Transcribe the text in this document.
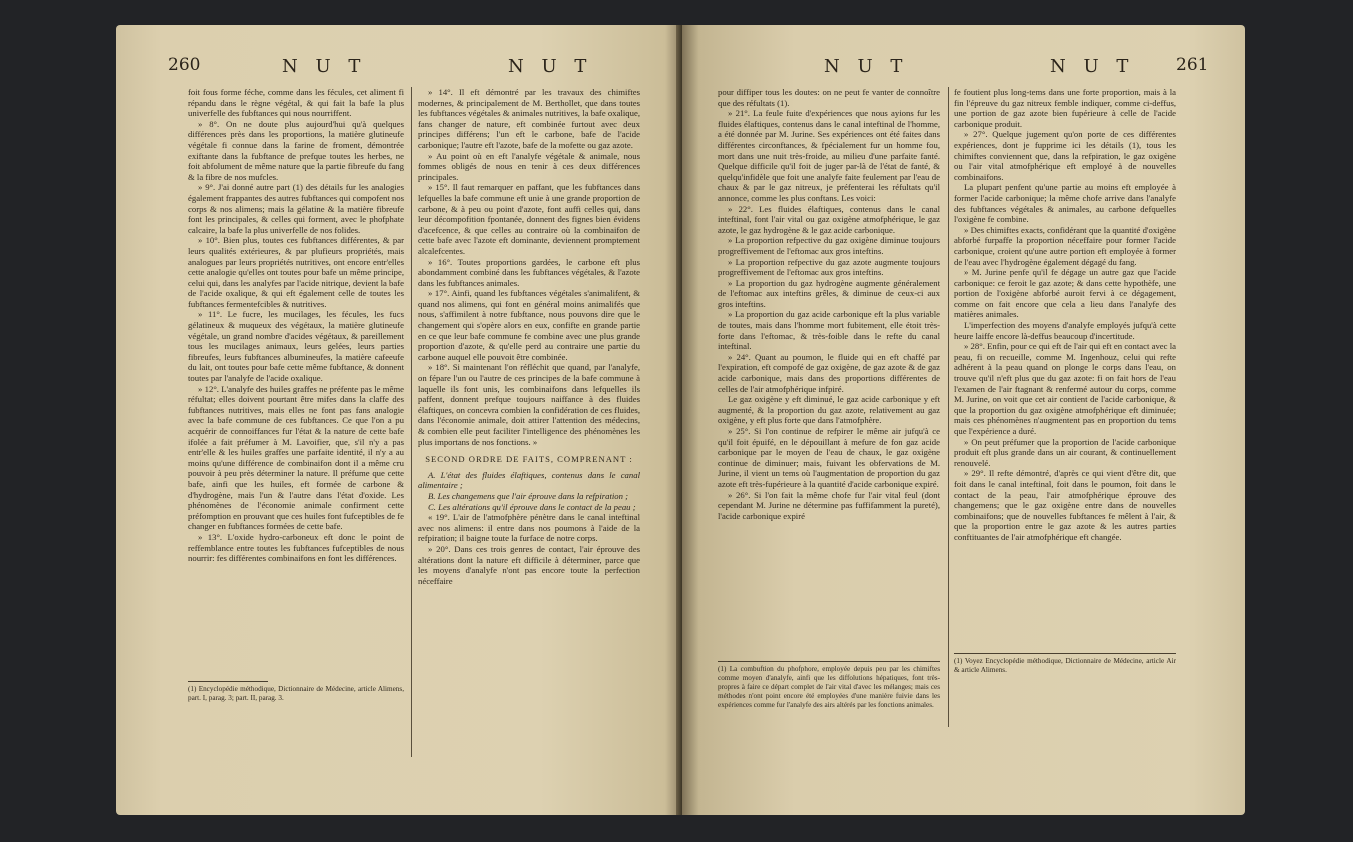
260	N U T	N U T

foit fous forme féche, comme dans les fécules, cet aliment fi répandu dans le règne végétal, & qui fait la bafe la plus univerfelle des fubftances qui nous nourriffent.

» 8°. On ne doute plus aujourd'hui qu'à quelques différences près dans les proportions, la matière glutineufe végétale fi connue dans la farine de froment, démontrée exiftante dans la fubftance de prefque toutes les herbes, ne foit abfolument de même nature que la partie fibreufe du fang & la fibre de nos mufcles.

» 9°. J'ai donné autre part (1) des détails fur les analogies également frappantes des autres fubftances qui compofent nos corps & nos alimens; mais la gélatine & la matière fibreufe font les principales, & celles qui forment, avec le phofphate calcaire, la bafe la plus univerfelle de nos folides.

» 10°. Bien plus, toutes ces fubftances différentes, & par leurs qualités extérieures, & par plufieurs propriétés, mais analogues par leurs propriétés nutritives, ont encore entr'elles cette analogie qu'elles ont toutes pour bafe un même principe, celui qui, dans les analyfes par l'acide nitrique, devient la bafe de l'acide oxalique, & qui eft également celle de toutes les fubftances fermentefcibles & nutritives.

» 11°. Le fucre, les mucilages, les fécules, les fucs gélatineux & muqueux des végétaux, la matière glutineufe végétale, un grand nombre d'acides végétaux, & pareillement tous les mucilages animaux, leurs gelées, leurs parties fibreufes, leurs fubftances albumineufes, la matière cafeeufe du lait, ont toutes pour bafe cette même fubftance, & donnent toutes par l'analyfe de l'acide oxalique.

» 12°. L'analyfe des huiles graffes ne préfente pas le même réfultat; elles doivent pourtant être mifes dans la claffe des fubftances nutritives, mais elles ne font pas fans analogie avec la bafe commune de ces fubftances. Ce que l'on a pu acquérir de connoiffances fur l'état & la nature de cette bafe ifolée a fait préfumer à M. Lavoifier, que, s'il n'y a pas entr'elle & les huiles graffes une parfaite identité, il n'y a au moins qu'une différence de combinaifon dont il a même cru pouvoir à peu près déterminer la nature. Il préfume que cette bafe, ainfi que les huiles, eft formée de carbone & d'hydrogène, mais l'un & l'autre dans l'état d'oxide. Les phénomènes de l'économie animale confirment cette préfomption en prouvant que ces huiles font fufceptibles de fe changer en fubftances formées de cette bafe.

» 13°. L'oxide hydro-carboneux eft donc le point de reffemblance entre toutes les fubftances fufceptibles de nous nourrir: fes différentes combinaifons en font les différences.

(1) Encyclopédie méthodique, Dictionnaire de Médecine, article Alimens, part. I, parag. 3; part. II, parag. 3.

» 14°. Il eft démontré par les travaux des chimiftes modernes, & principalement de M. Berthollet, que dans toutes les fubftances végétales & animales nutritives, la bafe oxalique, fans changer de nature, eft combinée furtout avec deux principes différens; l'un eft le carbone, bafe de l'acide carbonique; l'autre eft l'azote, bafe de la mofette ou gaz azote.

» Au point où en eft l'analyfe végétale & animale, nous fommes obligés de nous en tenir à ces deux différences principales.

» 15°. Il faut remarquer en paffant, que les fubftances dans lefquelles la bafe commune eft unie à une grande proportion de carbone, & à peu ou point d'azote, font auffi celles qui, dans leur décompofition fpontanée, donnent des fignes bien évidens d'acefcence, & que celles au contraire où la combinaifon de cette bafe avec l'azote eft dominante, deviennent promptement alcalefcentes.

» 16°. Toutes proportions gardées, le carbone eft plus abondamment combiné dans les fubftances végétales, & l'azote dans les fubftances animales.

» 17°. Ainfi, quand les fubftances végétales s'animalifent, & quand nos alimens, qui font en général moins animalifés que nous, s'affimilent à notre fubftance, nous pouvons dire que le changement qui s'opère alors en eux, confifte en grande partie en ce que leur bafe commune fe combine avec une plus grande proportion d'azote, & qu'elle perd au contraire une partie du carbone auquel elle pouvoit être combinée.

» 18°. Si maintenant l'on réfléchit que quand, par l'analyfe, on fépare l'un ou l'autre de ces principes de la bafe commune à laquelle ils font unis, les combinaifons dans lefquelles ils paffent, donnent prefque toujours naiffance à des fluides élaftiques, on concevra combien la confidération de ces fluides, dans l'économie animale, doit attirer l'attention des médecins, & combien elle peut faciliter l'intelligence des phénomènes les plus importans de nos fonctions. »

SECOND ORDRE DE FAITS, COMPRENANT :

A. L'état des fluides élaftiques, contenus dans le canal alimentaire ;

B. Les changemens que l'air éprouve dans la refpiration ;

C. Les altérations qu'il éprouve dans le contact de la peau ;

« 19°. L'air de l'atmofphère pénètre dans le canal inteftinal avec nos alimens: il entre dans nos poumons à l'aide de la refpiration; il baigne toute la furface de notre corps.

» 20°. Dans ces trois genres de contact, l'air éprouve des altérations dont la nature eft difficile à déterminer, parce que les moyens d'analyfe n'ont pas encore toute la perfection néceffaire

N U T	N U T 261

pour diffiper tous les doutes: on ne peut fe vanter de connoître que des réfultats (1).

» 21°. La feule fuite d'expériences que nous ayions fur les fluides élaftiques, contenus dans le canal inteftinal de l'homme, a été donnée par M. Jurine. Ses expériences ont été faites dans différentes circonftances, & fpécialement fur un homme fou, mort dans une nuit très-froide, au milieu d'une parfaite fanté. Quelque difficile qu'il foit de juger par-là de l'état de fanté, & quelqu'infidèle que foit une analyfe faite feulement par l'eau de chaux & par le gaz nitreux, je préfenterai les réfultats qu'il annonce, comme les plus conftans. Les voici:

» 22°. Les fluides élaftiques, contenus dans le canal inteftinal, font l'air vital ou gaz oxigène atmofphérique, le gaz azote, le gaz hydrogène & le gaz acide carbonique.

» La proportion refpective du gaz oxigène diminue toujours progreffivement de l'eftomac aux gros inteftins.

» La proportion refpective du gaz azote augmente toujours progreffivement de l'eftomac aux gros inteftins.

» La proportion du gaz hydrogène augmente généralement de l'eftomac aux inteftins grêles, & diminue de ceux-ci aux gros inteftins.

» La proportion du gaz acide carbonique eft la plus variable de toutes, mais dans l'homme mort fubitement, elle étoit très-forte dans l'eftomac, & très-foible dans le refte du canal inteftinal.

» 24°. Quant au poumon, le fluide qui en eft chaffé par l'expiration, eft compofé de gaz oxigène, de gaz azote & de gaz acide carbonique, mais dans des proportions différentes de celles de l'air atmofphérique infpiré.

Le gaz oxigène y eft diminué, le gaz acide carbonique y eft augmenté, & la proportion du gaz azote, relativement au gaz oxigène, y eft plus forte que dans l'atmofphère.

» 25°. Si l'on continue de refpirer le même air jufqu'à ce qu'il foit épuifé, en le dépouillant à mefure de fon gaz acide carbonique par le moyen de l'eau de chaux, le gaz oxigène continue de diminuer; mais, fuivant les obfervations de M. Jurine, il vient un tems où l'augmentation de proportion du gaz azote eft très-fupérieure à la quantité d'acide carbonique expiré.

» 26°. Si l'on fait la même chofe fur l'air vital feul (dont cependant M. Jurine ne détermine pas fuffifamment la pureté), l'acide carbonique expiré

(1) La combuftion du phofphore, employée depuis peu par les chimiftes comme moyen d'analyfe, ainfi que les diffolutions hépatiques, font très-propres à faire ce départ complet de l'air vital d'avec les mélanges; mais ces méthodes n'ont point encore été employées d'une manière fuivie dans les expériences comme fur l'analyfe des airs altérés par les fonctions animales.

fe foutient plus long-tems dans une forte proportion, mais à la fin l'épreuve du gaz nitreux femble indiquer, comme ci-deffus, une portion de gaz azote bien fupérieure à celle de l'acide carbonique produit.

» 27°. Quelque jugement qu'on porte de ces différentes expériences, dont je fupprime ici les détails (1), tous les chimiftes conviennent que, dans la refpiration, le gaz oxigène ou l'air vital atmofphérique eft employé à de nouvelles combinaifons.

La plupart penfent qu'une partie au moins eft employée à former l'acide carbonique; la même chofe arrive dans l'analyfe des fubftances végétales & animales, au carbone defquelles l'oxigène fe combine.

» Des chimiftes exacts, confidérant que la quantité d'oxigène abforbé furpaffe la proportion néceffaire pour former l'acide carbonique, croient qu'une autre portion eft employée à former de l'eau avec l'hydrogène également dégagé du fang.

» M. Jurine penfe qu'il fe dégage un autre gaz que l'acide carbonique: ce feroit le gaz azote; & dans cette hypothèfe, une portion de l'oxigène abforbé auroit fervi à ce dégagement, comme on fait encore que cela a lieu dans l'analyfe des matières animales.

L'imperfection des moyens d'analyfe employés jufqu'à cette heure laiffe encore là-deffus beaucoup d'incertitude.

» 28°. Enfin, pour ce qui eft de l'air qui eft en contact avec la peau, fi on recueille, comme M. Ingenhouz, celui qui refte adhérent à la peau quand on plonge le corps dans l'eau, on trouve qu'il n'eft plus que du gaz azote: fi on fait hors de l'eau l'examen de l'air ftagnant & renfermé autour du corps, comme M. Jurine, on voit que cet air contient de l'acide carbonique, & que la proportion du gaz oxigène atmofphérique eft diminuée; mais ces phénomènes n'augmentent pas en proportion du tems que l'expérience a duré.

» On peut préfumer que la proportion de l'acide carbonique produit eft plus grande dans un air courant, & continuellement renouvelé.

» 29°. Il refte démontré, d'après ce qui vient d'être dit, que foit dans le canal inteftinal, foit dans le poumon, foit dans le contact de la peau, l'air atmofphérique éprouve des changemens; que le gaz oxigène entre dans de nouvelles combinaifons; que de nouvelles fubftances fe mêlent à l'air, & que la proportion entre le gaz azote & les autres parties conftituantes de l'air atmofphérique eft changée.

(1) Voyez Encyclopédie méthodique, Dictionnaire de Médecine, article Air & article Alimens.
